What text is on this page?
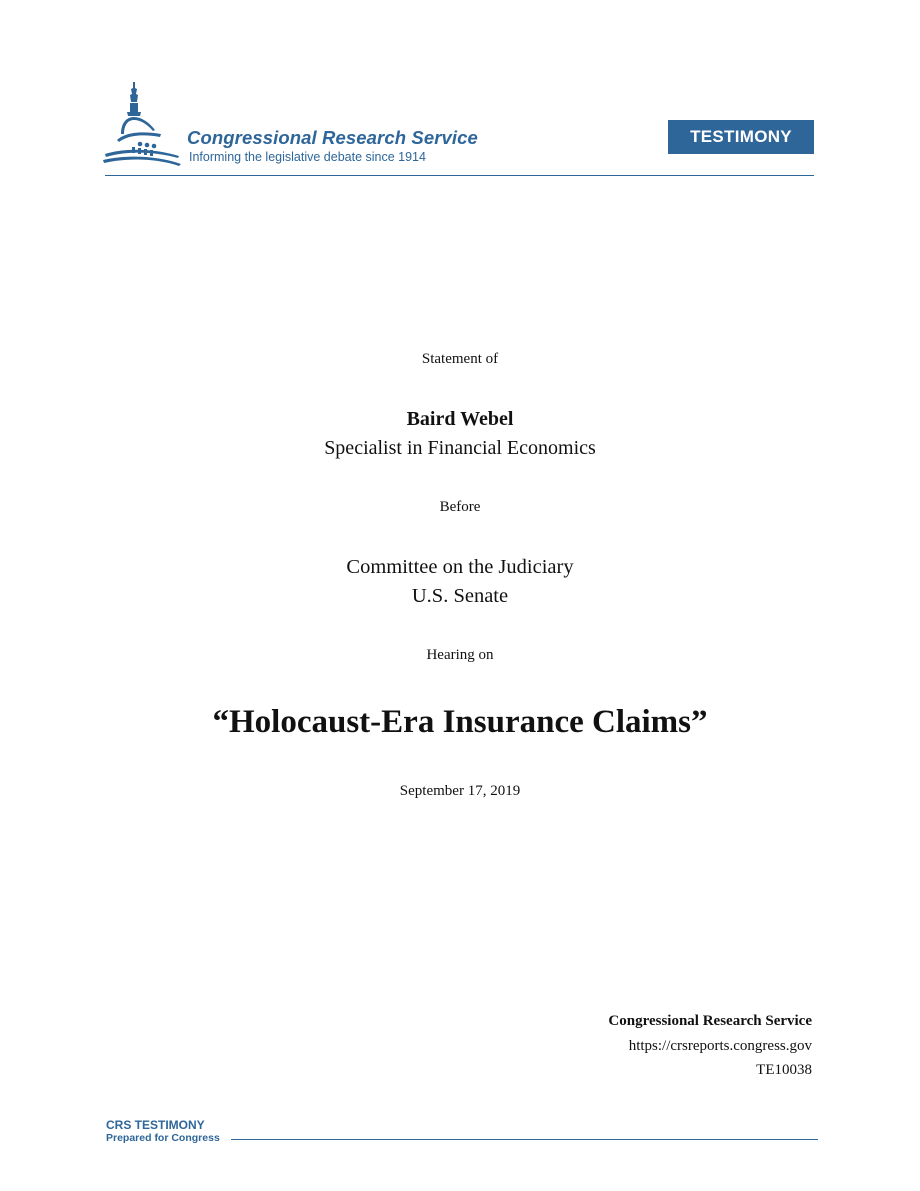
Congressional Research Service
Informing the legislative debate since 1914
TESTIMONY
Statement of
Baird Webel
Specialist in Financial Economics
Before
Committee on the Judiciary
U.S. Senate
Hearing on
“Holocaust-Era Insurance Claims”
September 17, 2019
Congressional Research Service
https://crsreports.congress.gov
TE10038
CRS TESTIMONY
Prepared for Congress
